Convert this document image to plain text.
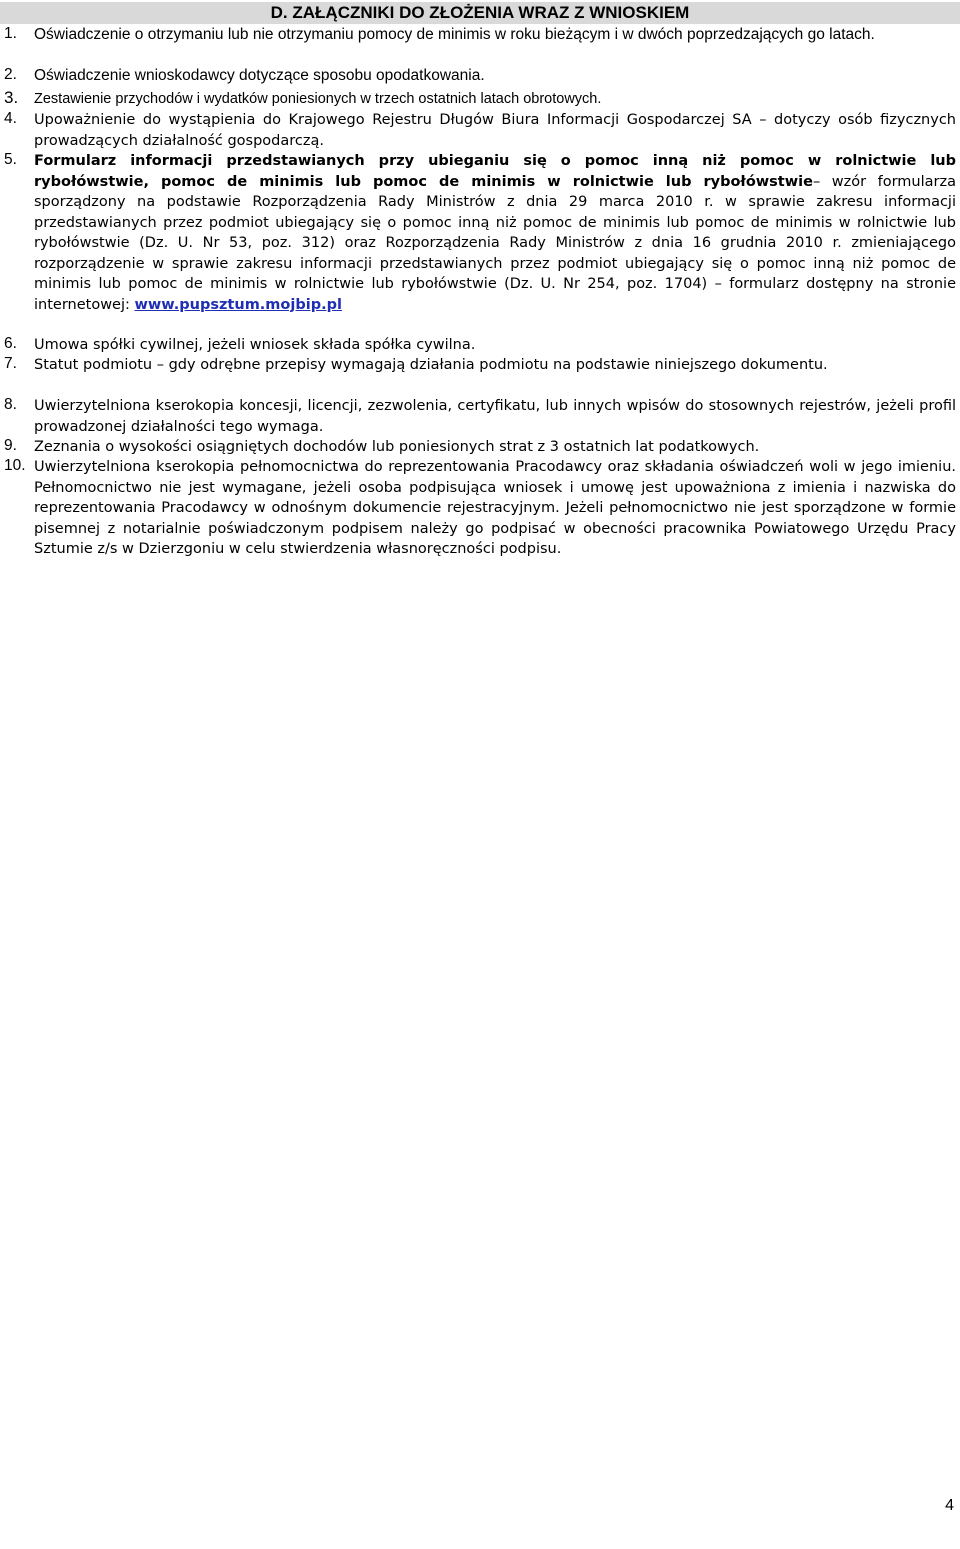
D. ZAŁĄCZNIKI DO ZŁOŻENIA WRAZ Z WNIOSKIEM
1. Oświadczenie o otrzymaniu lub nie otrzymaniu pomocy de minimis w roku bieżącym i w dwóch poprzedzających go latach.
2. Oświadczenie wnioskodawcy dotyczące sposobu opodatkowania.
3. Zestawienie przychodów i wydatków poniesionych w trzech ostatnich latach obrotowych.
4. Upoważnienie do wystąpienia do Krajowego Rejestru Długów Biura Informacji Gospodarczej SA – dotyczy osób fizycznych prowadzących działalność gospodarczą.
5. Formularz informacji przedstawianych przy ubieganiu się o pomoc inną niż pomoc w rolnictwie lub rybołówstwie, pomoc de minimis lub pomoc de minimis w rolnictwie lub rybołówstwie– wzór formularza sporządzony na podstawie Rozporządzenia Rady Ministrów z dnia 29 marca 2010 r. w sprawie zakresu informacji przedstawianych przez podmiot ubiegający się o pomoc inną niż pomoc de minimis lub pomoc de minimis w rolnictwie lub rybołówstwie (Dz. U. Nr 53, poz. 312) oraz Rozporządzenia Rady Ministrów z dnia 16 grudnia 2010 r. zmieniającego rozporządzenie w sprawie zakresu informacji przedstawianych przez podmiot ubiegający się o pomoc inną niż pomoc de minimis lub pomoc de minimis w rolnictwie lub rybołówstwie (Dz. U. Nr 254, poz. 1704) – formularz dostępny na stronie internetowej: www.pupsztum.mojbip.pl
6. Umowa spółki cywilnej, jeżeli wniosek składa spółka cywilna.
7. Statut podmiotu – gdy odrębne przepisy wymagają działania podmiotu na podstawie niniejszego dokumentu.
8. Uwierzytelniona kserokopia koncesji, licencji, zezwolenia, certyfikatu, lub innych wpisów do stosownych rejestrów, jeżeli profil prowadzonej działalności tego wymaga.
9. Zeznania o wysokości osiągniętych dochodów lub poniesionych strat z 3 ostatnich lat podatkowych.
10. Uwierzytelniona kserokopia pełnomocnictwa do reprezentowania Pracodawcy oraz składania oświadczeń woli w jego imieniu. Pełnomocnictwo nie jest wymagane, jeżeli osoba podpisująca wniosek i umowę jest upoważniona z imienia i nazwiska do reprezentowania Pracodawcy w odnośnym dokumencie rejestracyjnym. Jeżeli pełnomocnictwo nie jest sporządzone w formie pisemnej z notarialnie poświadczonym podpisem należy go podpisać w obecności pracownika Powiatowego Urzędu Pracy Sztumie z/s w Dzierzgoniu w celu stwierdzenia własnoręczności podpisu.
4
